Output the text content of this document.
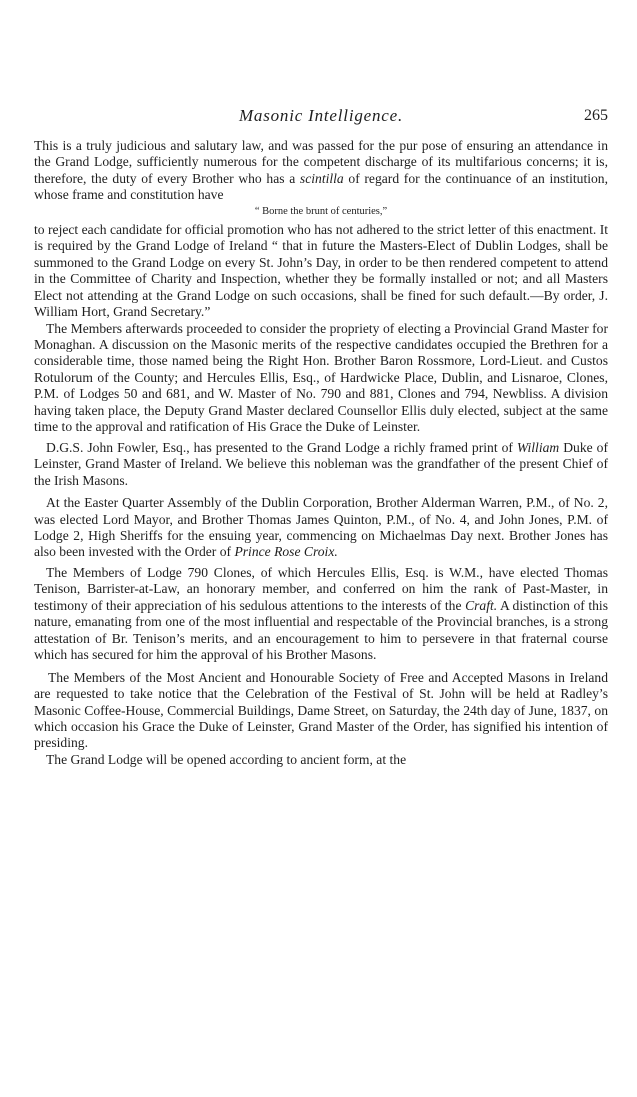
Masonic Intelligence.	265

This is a truly judicious and salutary law, and was passed for the pur pose of ensuring an attendance in the Grand Lodge, sufficiently numerous for the competent discharge of its multifarious concerns; it is, therefore, the duty of every Brother who has a scintilla of regard for the continuance of an institution, whose frame and constitution have

“ Borne the brunt of centuries,”

to reject each candidate for official promotion who has not adhered to the strict letter of this enactment. It is required by the Grand Lodge of Ireland “ that in future the Masters-Elect of Dublin Lodges, shall be summoned to the Grand Lodge on every St. John’s Day, in order to be then rendered competent to attend in the Committee of Charity and Inspection, whether they be formally installed or not; and all Masters Elect not attending at the Grand Lodge on such occasions, shall be fined for such default.—By order, J. William Hort, Grand Secretary.”

The Members afterwards proceeded to consider the propriety of electing a Provincial Grand Master for Monaghan. A discussion on the Masonic merits of the respective candidates occupied the Brethren for a considerable time, those named being the Right Hon. Brother Baron Rossmore, Lord-Lieut. and Custos Rotulorum of the County; and Hercules Ellis, Esq., of Hardwicke Place, Dublin, and Lisnaroe, Clones, P.M. of Lodges 50 and 681, and W. Master of No. 790 and 881, Clones and 794, Newbliss. A division having taken place, the Deputy Grand Master declared Counsellor Ellis duly elected, subject at the same time to the approval and ratification of His Grace the Duke of Leinster.

D.G.S. John Fowler, Esq., has presented to the Grand Lodge a richly framed print of William Duke of Leinster, Grand Master of Ireland. We believe this nobleman was the grandfather of the present Chief of the Irish Masons.

At the Easter Quarter Assembly of the Dublin Corporation, Brother Alderman Warren, P.M., of No. 2, was elected Lord Mayor, and Brother Thomas James Quinton, P.M., of No. 4, and John Jones, P.M. of Lodge 2, High Sheriffs for the ensuing year, commencing on Michaelmas Day next. Brother Jones has also been invested with the Order of Prince Rose Croix.

The Members of Lodge 790 Clones, of which Hercules Ellis, Esq. is W.M., have elected Thomas Tenison, Barrister-at-Law, an honorary member, and conferred on him the rank of Past-Master, in testimony of their appreciation of his sedulous attentions to the interests of the Craft. A distinction of this nature, emanating from one of the most influential and respectable of the Provincial branches, is a strong attestation of Br. Tenison’s merits, and an encouragement to him to persevere in that fraternal course which has secured for him the approval of his Brother Masons.

The Members of the Most Ancient and Honourable Society of Free and Accepted Masons in Ireland are requested to take notice that the Celebration of the Festival of St. John will be held at Radley’s Masonic Coffee-House, Commercial Buildings, Dame Street, on Saturday, the 24th day of June, 1837, on which occasion his Grace the Duke of Leinster, Grand Master of the Order, has signified his intention of presiding.

The Grand Lodge will be opened according to ancient form, at the
